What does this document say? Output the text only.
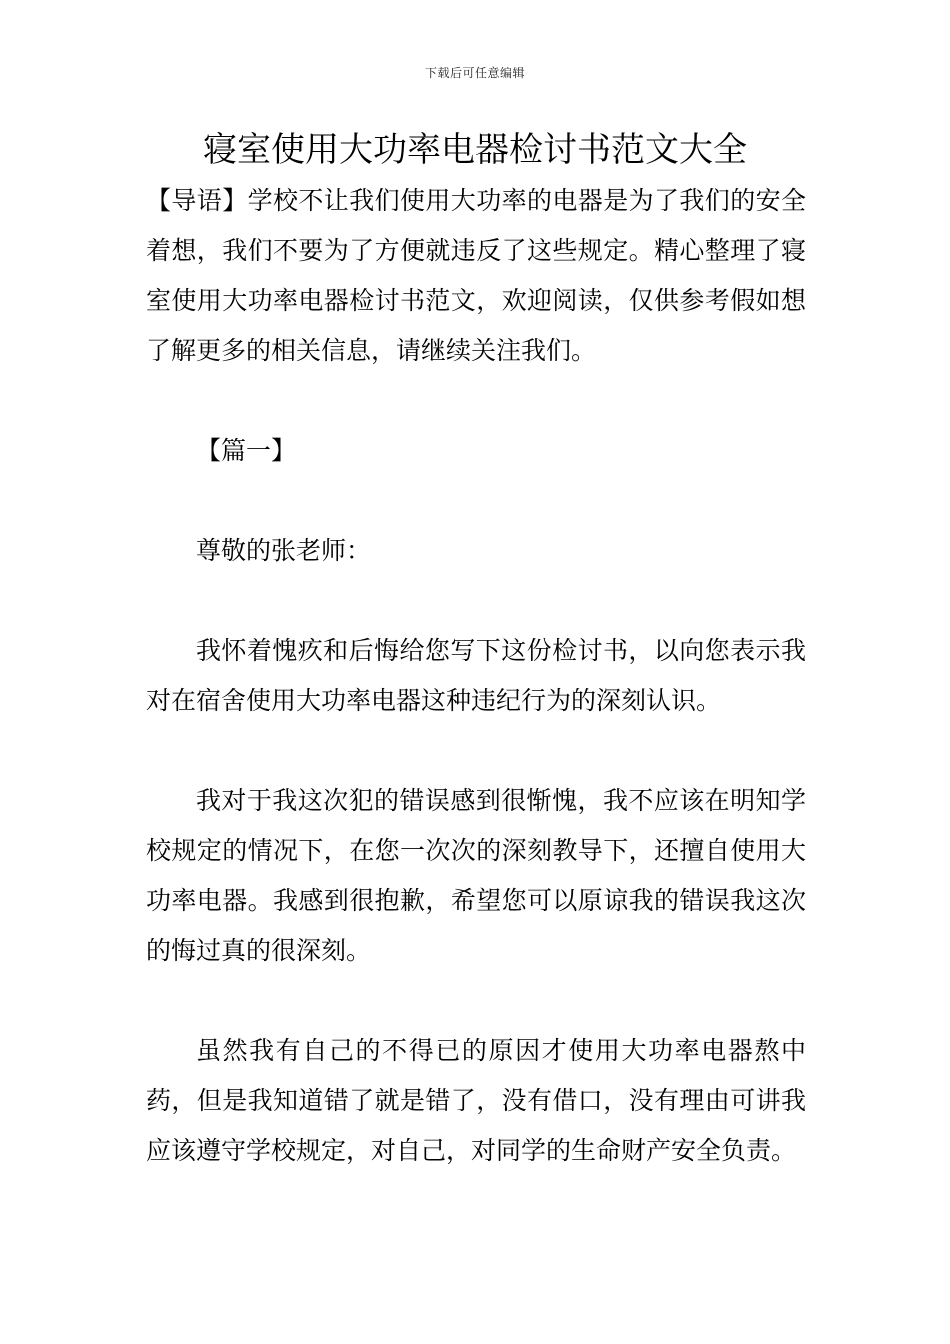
下载后可任意编辑
寝室使用大功率电器检讨书范文大全

【导语】学校不让我们使用大功率的电器是为了我们的安全着想，我们不要为了方便就违反了这些规定。精心整理了寝室使用大功率电器检讨书范文，欢迎阅读，仅供参考假如想了解更多的相关信息，请继续关注我们。

【篇一】

尊敬的张老师：

我怀着愧疚和后悔给您写下这份检讨书，以向您表示我对在宿舍使用大功率电器这种违纪行为的深刻认识。

我对于我这次犯的错误感到很惭愧，我不应该在明知学校规定的情况下，在您一次次的深刻教导下，还擅自使用大功率电器。我感到很抱歉，希望您可以原谅我的错误我这次的悔过真的很深刻。

虽然我有自己的不得已的原因才使用大功率电器熬中药，但是我知道错了就是错了，没有借口，没有理由可讲我应该遵守学校规定，对自己，对同学的生命财产安全负责。
